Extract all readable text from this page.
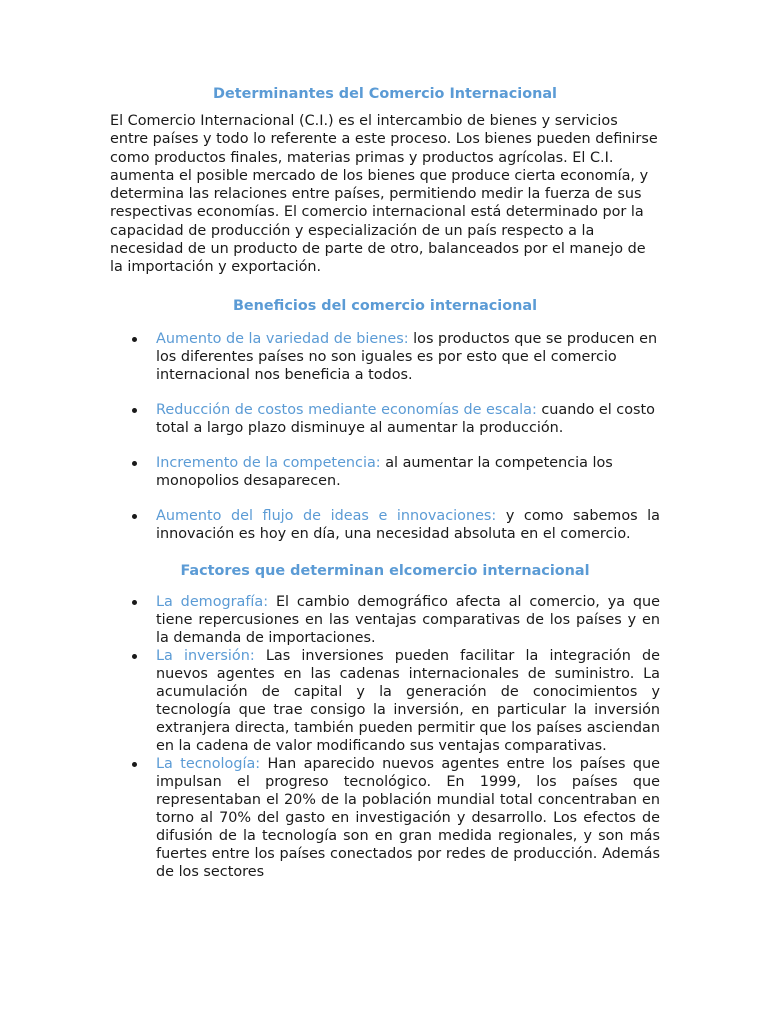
Determinantes del Comercio Internacional

El Comercio Internacional (C.I.) es el intercambio de bienes y servicios entre países y todo lo referente a este proceso. Los bienes pueden definirse como productos finales, materias primas y productos agrícolas. El C.I. aumenta el posible mercado de los bienes que produce cierta economía, y determina las relaciones entre países, permitiendo medir la fuerza de sus respectivas economías. El comercio internacional está determinado por la capacidad de producción y especialización de un país respecto a la necesidad de un producto de parte de otro, balanceados por el manejo de la importación y exportación.

Beneficios del comercio internacional
Aumento de la variedad de bienes: los productos que se producen en los diferentes países no son iguales es por esto que el comercio internacional nos beneficia a todos.
Reducción de costos mediante economías de escala: cuando el costo total a largo plazo disminuye al aumentar la producción.
Incremento de la competencia: al aumentar la competencia los monopolios desaparecen.
Aumento del flujo de ideas e innovaciones: y como sabemos la innovación es hoy en día, una necesidad absoluta en el comercio.
Factores que determinan elcomercio internacional
La demografía: El cambio demográfico afecta al comercio, ya que tiene repercusiones en las ventajas comparativas de los países y en la demanda de importaciones.
La inversión: Las inversiones pueden facilitar la integración de nuevos agentes en las cadenas internacionales de suministro. La acumulación de capital y la generación de conocimientos y tecnología que trae consigo la inversión, en particular la inversión extranjera directa, también pueden permitir que los países asciendan en la cadena de valor modificando sus ventajas comparativas.
La tecnología: Han aparecido nuevos agentes entre los países que impulsan el progreso tecnológico. En 1999, los países que representaban el 20% de la población mundial total concentraban en torno al 70% del gasto en investigación y desarrollo. Los efectos de difusión de la tecnología son en gran medida regionales, y son más fuertes entre los países conectados por redes de producción. Además de los sectores
